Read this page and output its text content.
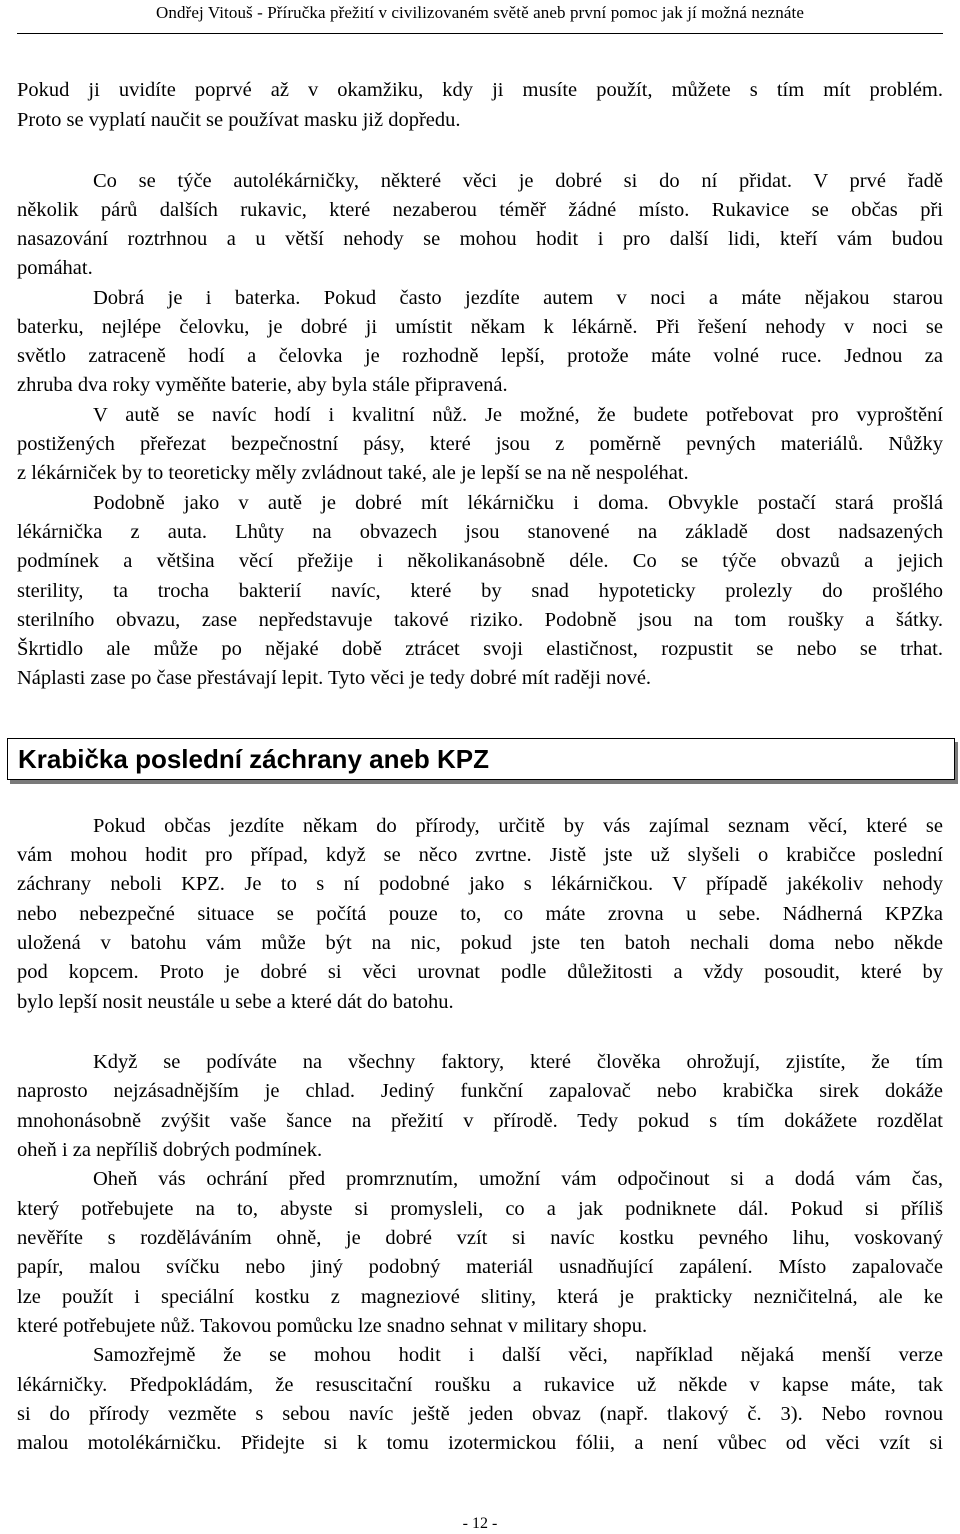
Ondřej Vitouš - Příručka přežití v civilizovaném světě aneb první pomoc jak jí možná neznáte

Pokud ji uvidíte poprvé až v okamžiku, kdy ji musíte použít, můžete s tím mít problém.

Proto se vyplatí naučit se používat masku již dopředu.

Co se týče autolékárničky, některé věci je dobré si do ní přidat. V prvé řadě

několik párů dalších rukavic, které nezaberou téměř žádné místo. Rukavice se občas při

nasazování roztrhnou a u větší nehody se mohou hodit i pro další lidi, kteří vám budou

pomáhat.

Dobrá je i baterka. Pokud často jezdíte autem v noci a máte nějakou starou

baterku, nejlépe čelovku, je dobré ji umístit někam k lékárně. Při řešení nehody v noci se

světlo zatraceně hodí a čelovka je rozhodně lepší, protože máte volné ruce. Jednou za

zhruba dva roky vyměňte baterie, aby byla stále připravená.

V autě se navíc hodí i kvalitní nůž. Je možné, že budete potřebovat pro vyproštění

postižených přeřezat bezpečnostní pásy, které jsou z poměrně pevných materiálů. Nůžky

z lékárniček by to teoreticky měly zvládnout také, ale je lepší se na ně nespoléhat.

Podobně jako v autě je dobré mít lékárničku i doma. Obvykle postačí stará prošlá

lékárnička z auta. Lhůty na obvazech jsou stanovené na základě dost nadsazených

podmínek a většina věcí přežije i několikanásobně déle. Co se týče obvazů a jejich

sterility, ta trocha bakterií navíc, které by snad hypoteticky prolezly do prošlého

sterilního obvazu, zase nepředstavuje takové riziko. Podobně jsou na tom roušky a šátky.

Škrtidlo ale může po nějaké době ztrácet svoji elastičnost, rozpustit se nebo se trhat.

Náplasti zase po čase přestávají lepit. Tyto věci je tedy dobré mít raději nové.

Krabička poslední záchrany aneb KPZ

Pokud občas jezdíte někam do přírody, určitě by vás zajímal seznam věcí, které se

vám mohou hodit pro případ, když se něco zvrtne. Jistě jste už slyšeli o krabičce poslední

záchrany neboli KPZ. Je to s ní podobné jako s lékárničkou. V případě jakékoliv nehody

nebo nebezpečné situace se počítá pouze to, co máte zrovna u sebe. Nádherná KPZka

uložená v batohu vám může být na nic, pokud jste ten batoh nechali doma nebo někde

pod kopcem. Proto je dobré si věci urovnat podle důležitosti a vždy posoudit, které by

bylo lepší nosit neustále u sebe a které dát do batohu.

Když se podíváte na všechny faktory, které člověka ohrožují, zjistíte, že tím

naprosto nejzásadnějším je chlad. Jediný funkční zapalovač nebo krabička sirek dokáže

mnohonásobně zvýšit vaše šance na přežití v přírodě. Tedy pokud s tím dokážete rozdělat

oheň i za nepříliš dobrých podmínek.

Oheň vás ochrání před promrznutím, umožní vám odpočinout si a dodá vám čas,

který potřebujete na to, abyste si promysleli, co a jak podniknete dál. Pokud si příliš

nevěříte s rozděláváním ohně, je dobré vzít si navíc kostku pevného lihu, voskovaný

papír, malou svíčku nebo jiný podobný materiál usnadňující zapálení. Místo zapalovače

lze použít i speciální kostku z magneziové slitiny, která je prakticky nezničitelná, ale ke

které potřebujete nůž. Takovou pomůcku lze snadno sehnat v military shopu.

Samozřejmě že se mohou hodit i další věci, například nějaká menší verze

lékárničky. Předpokládám, že resuscitační roušku a rukavice už někde v kapse máte, tak

si do přírody vezměte s sebou navíc ještě jeden obvaz (např. tlakový č. 3). Nebo rovnou

malou motolékárničku. Přidejte si k tomu izotermickou fólii, a není vůbec od věci vzít si

- 12 -
